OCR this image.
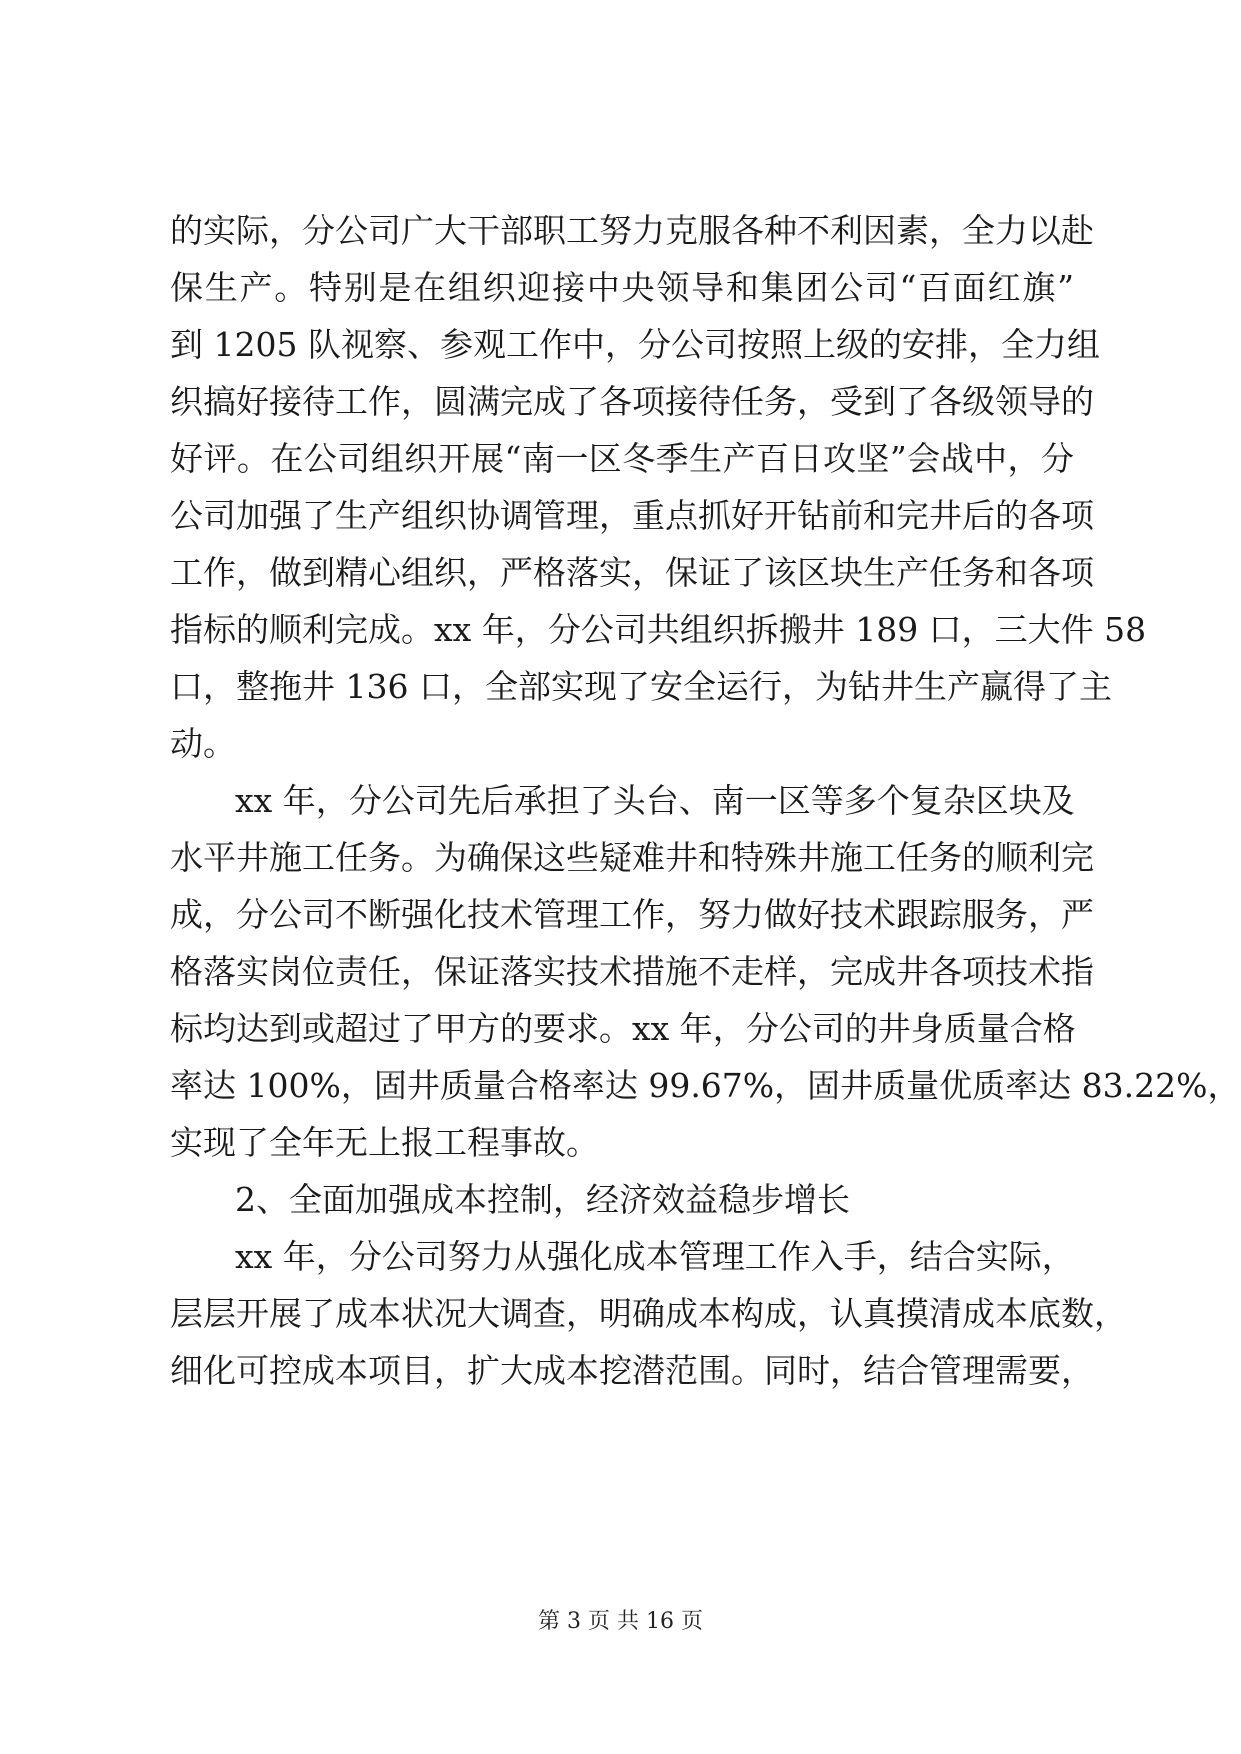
的实际，分公司广大干部职工努力克服各种不利因素，全力以赴
保生产。特别是在组织迎接中央领导和集团公司“百面红旗”
到 1205 队视察、参观工作中，分公司按照上级的安排，全力组
织搞好接待工作，圆满完成了各项接待任务，受到了各级领导的
好评。在公司组织开展“南一区冬季生产百日攻坚”会战中，分
公司加强了生产组织协调管理，重点抓好开钻前和完井后的各项
工作，做到精心组织，严格落实，保证了该区块生产任务和各项
指标的顺利完成。xx 年，分公司共组织拆搬井 189 口，三大件 58
口，整拖井 136 口，全部实现了安全运行，为钻井生产赢得了主
动。
xx 年，分公司先后承担了头台、南一区等多个复杂区块及
水平井施工任务。为确保这些疑难井和特殊井施工任务的顺利完
成，分公司不断强化技术管理工作，努力做好技术跟踪服务，严
格落实岗位责任，保证落实技术措施不走样，完成井各项技术指
标均达到或超过了甲方的要求。xx 年，分公司的井身质量合格
率达 100%，固井质量合格率达 99.67%，固井质量优质率达 83.22%，
实现了全年无上报工程事故。
2、全面加强成本控制，经济效益稳步增长
xx 年，分公司努力从强化成本管理工作入手，结合实际，
层层开展了成本状况大调查，明确成本构成，认真摸清成本底数，
细化可控成本项目，扩大成本挖潜范围。同时，结合管理需要，
第 3 页 共 16 页
